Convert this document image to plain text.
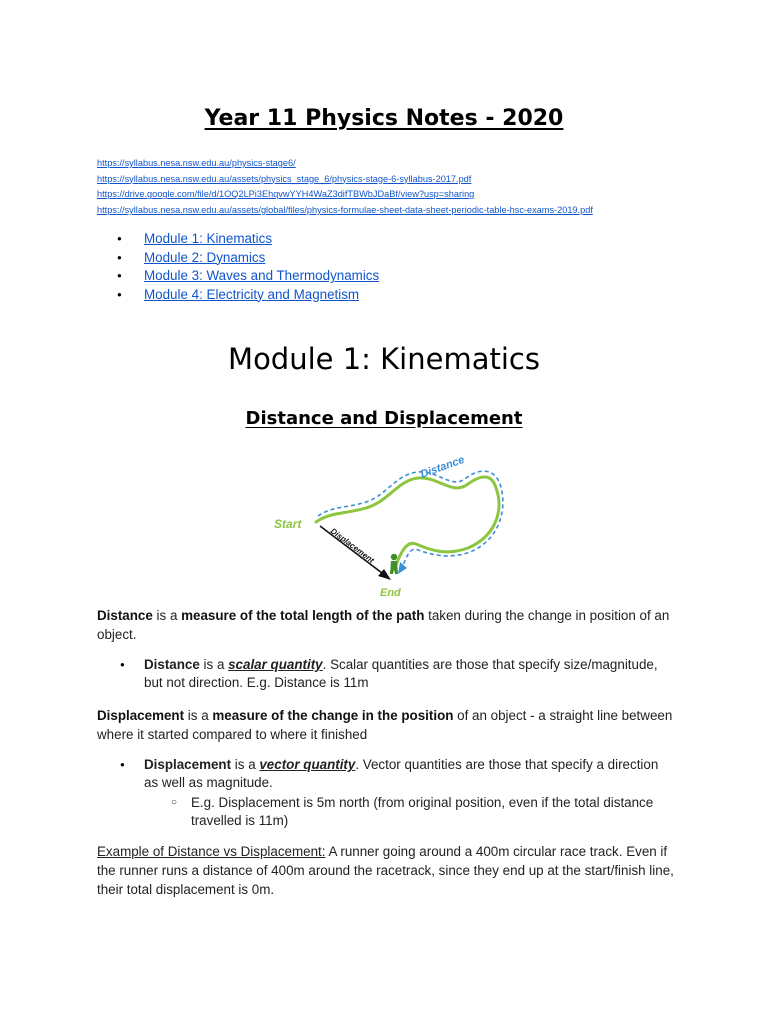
Year 11 Physics Notes - 2020
https://syllabus.nesa.nsw.edu.au/physics-stage6/
https://syllabus.nesa.nsw.edu.au/assets/physics_stage_6/physics-stage-6-syllabus-2017.pdf
https://drive.google.com/file/d/1OQ2LPi3EhqvwYYH4WaZ3difTBWbJDaBf/view?usp=sharing
https://syllabus.nesa.nsw.edu.au/assets/global/files/physics-formulae-sheet-data-sheet-periodic-table-hsc-exams-2019.pdf
● Module 1: Kinematics
● Module 2: Dynamics
● Module 3: Waves and Thermodynamics
● Module 4: Electricity and Magnetism
Module 1: Kinematics
Distance and Displacement
Start
End
Distance
Displacement

Distance is a measure of the total length of the path taken during the change in position of an object.

● Distance is a scalar quantity. Scalar quantities are those that specify size/magnitude, but not direction. E.g. Distance is 11m

Displacement is a measure of the change in the position of an object - a straight line between where it started compared to where it finished

● Displacement is a vector quantity. Vector quantities are those that specify a direction as well as magnitude.
○ E.g. Displacement is 5m north (from original position, even if the total distance travelled is 11m)

Example of Distance vs Displacement: A runner going around a 400m circular race track. Even if the runner runs a distance of 400m around the racetrack, since they end up at the start/finish line, their total displacement is 0m.
